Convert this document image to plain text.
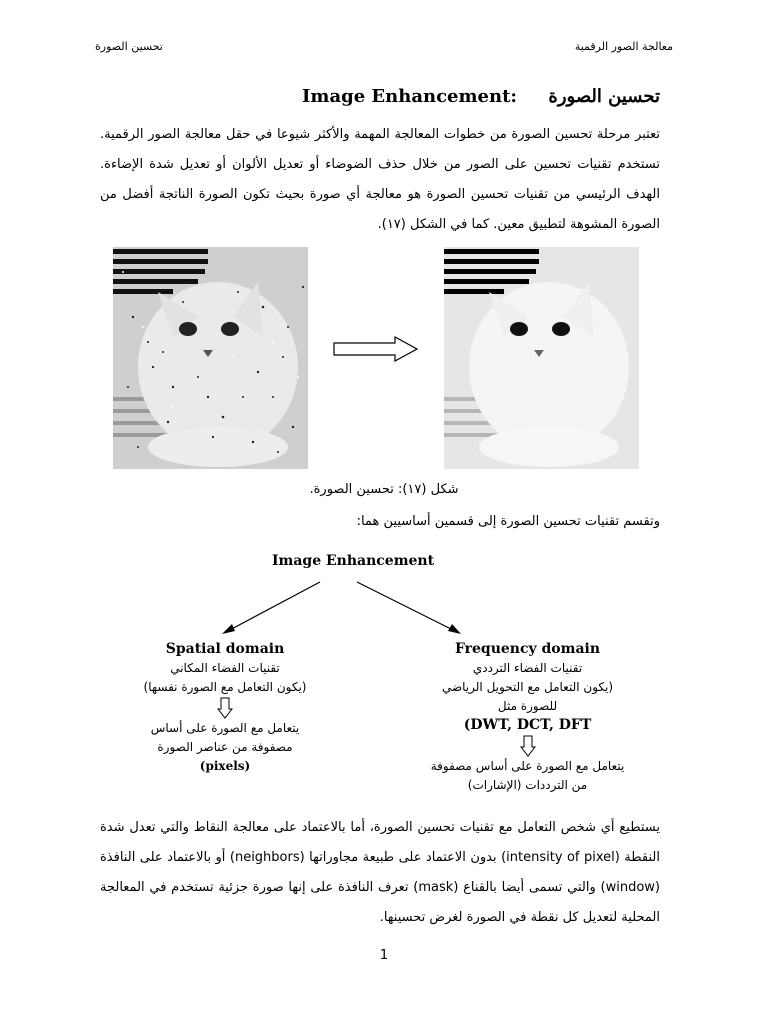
معالجة الصور الرقمية
تحسين الصورة
تحسين الصورة     Image Enhancement:
تعتبر مرحلة تحسين الصورة من خطوات المعالجة المهمة والأكثر شيوعا في حقل معالجة الصور الرقمية. تستخدم تقنيات تحسين على الصور من خلال حذف الضوضاء أو تعديل الألوان أو تعديل شدة الإضاءة. الهدف الرئيسي من تقنيات تحسين الصورة هو معالجة أي صورة بحيث تكون الصورة الناتجة أفضل من الصورة المشوهة لتطبيق معين. كما في الشكل (١٧).
شكل (١٧): تحسين الصورة.
وتقسم تقنيات تحسين الصورة إلى قسمين أساسيين هما:
Image Enhancement
Spatial domain
تقنيات الفضاء المكاني
(يكون التعامل مع الصورة نفسها)
يتعامل مع الصورة على أساس
مصفوفة من عناصر الصورة
(pixels)
Frequency domain
تقنيات الفضاء الترددي
(يكون التعامل مع التحويل الرياضي
للصورة مثل
(DWT, DCT, DFT
يتعامل مع الصورة على أساس مصفوفة
من الترددات (الإشارات)
يستطيع أي شخص التعامل مع تقنيات تحسين الصورة، أما بالاعتماد على معالجة النقاط والتي تعدل شدة النقطة (intensity of pixel) بدون الاعتماد على طبيعة مجاوراتها (neighbors) أو بالاعتماد على النافذة (window) والتي تسمى أيضا بالقناع (mask) تعرف النافذة على إنها صورة جزئية تستخدم في المعالجة المحلية لتعديل كل نقطة في الصورة لغرض تحسينها.
1
